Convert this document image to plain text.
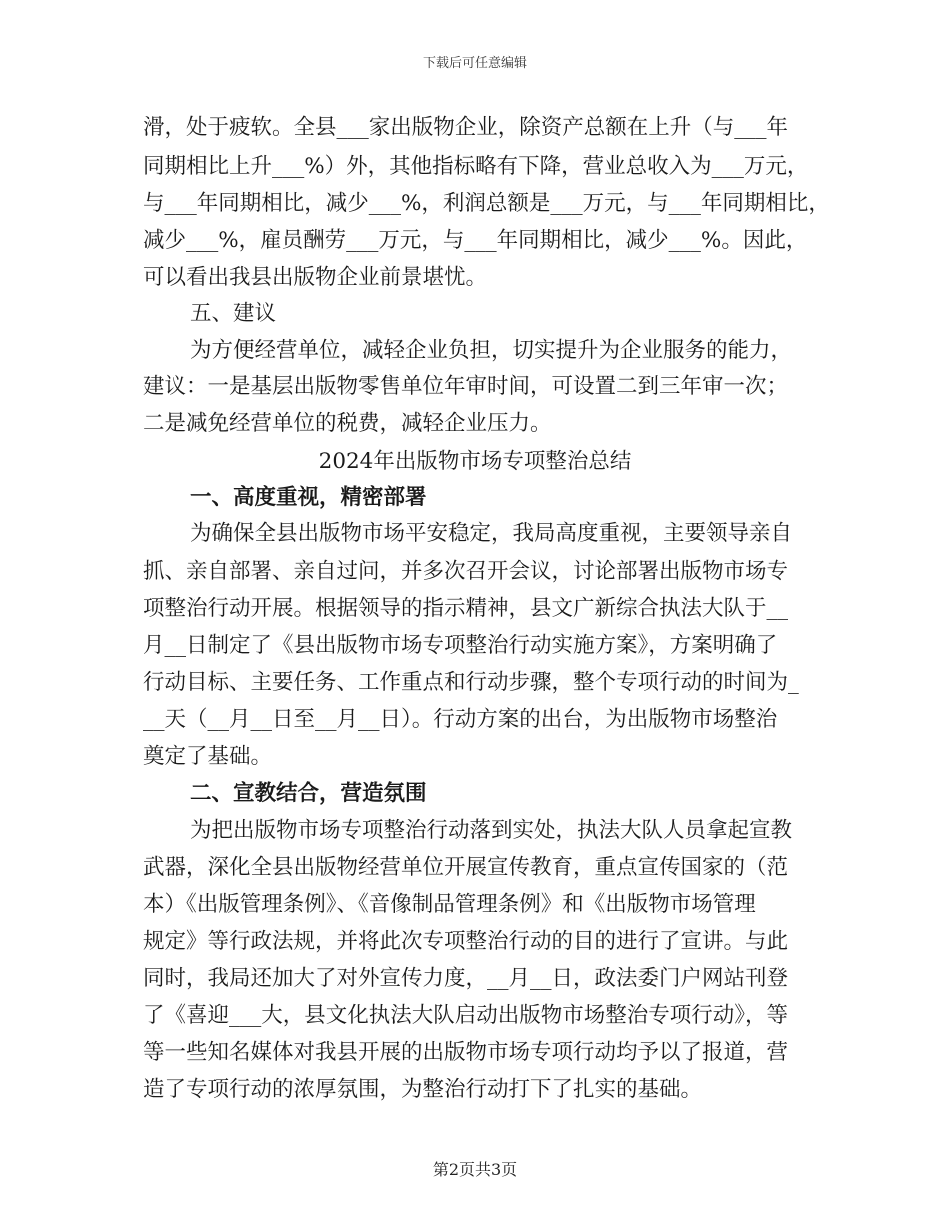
下载后可任意编辑
滑，处于疲软。全县___家出版物企业，除资产总额在上升（与___年
同期相比上升___%）外，其他指标略有下降，营业总收入为___万元，
与___年同期相比，减少___%，利润总额是___万元，与___年同期相比，
减少___%，雇员酬劳___万元，与___年同期相比，减少___%。因此，
可以看出我县出版物企业前景堪忧。
五、建议
为方便经营单位，减轻企业负担，切实提升为企业服务的能力，
建议：一是基层出版物零售单位年审时间，可设置二到三年审一次；
二是减免经营单位的税费，减轻企业压力。
2024年出版物市场专项整治总结
一、高度重视，精密部署
为确保全县出版物市场平安稳定，我局高度重视，主要领导亲自
抓、亲自部署、亲自过问，并多次召开会议，讨论部署出版物市场专
项整治行动开展。根据领导的指示精神，县文广新综合执法大队于__
月__日制定了《县出版物市场专项整治行动实施方案》，方案明确了
行动目标、主要任务、工作重点和行动步骤，整个专项行动的时间为_
__天（__月__日至__月__日）。行动方案的出台，为出版物市场整治
奠定了基础。
二、宣教结合，营造氛围
为把出版物市场专项整治行动落到实处，执法大队人员拿起宣教
武器，深化全县出版物经营单位开展宣传教育，重点宣传国家的（范
本）《出版管理条例》、《音像制品管理条例》和《出版物市场管理
规定》等行政法规，并将此次专项整治行动的目的进行了宣讲。与此
同时，我局还加大了对外宣传力度，__月__日，政法委门户网站刊登
了《喜迎___大，县文化执法大队启动出版物市场整治专项行动》，等
等一些知名媒体对我县开展的出版物市场专项行动均予以了报道，营
造了专项行动的浓厚氛围，为整治行动打下了扎实的基础。
第2页共3页
